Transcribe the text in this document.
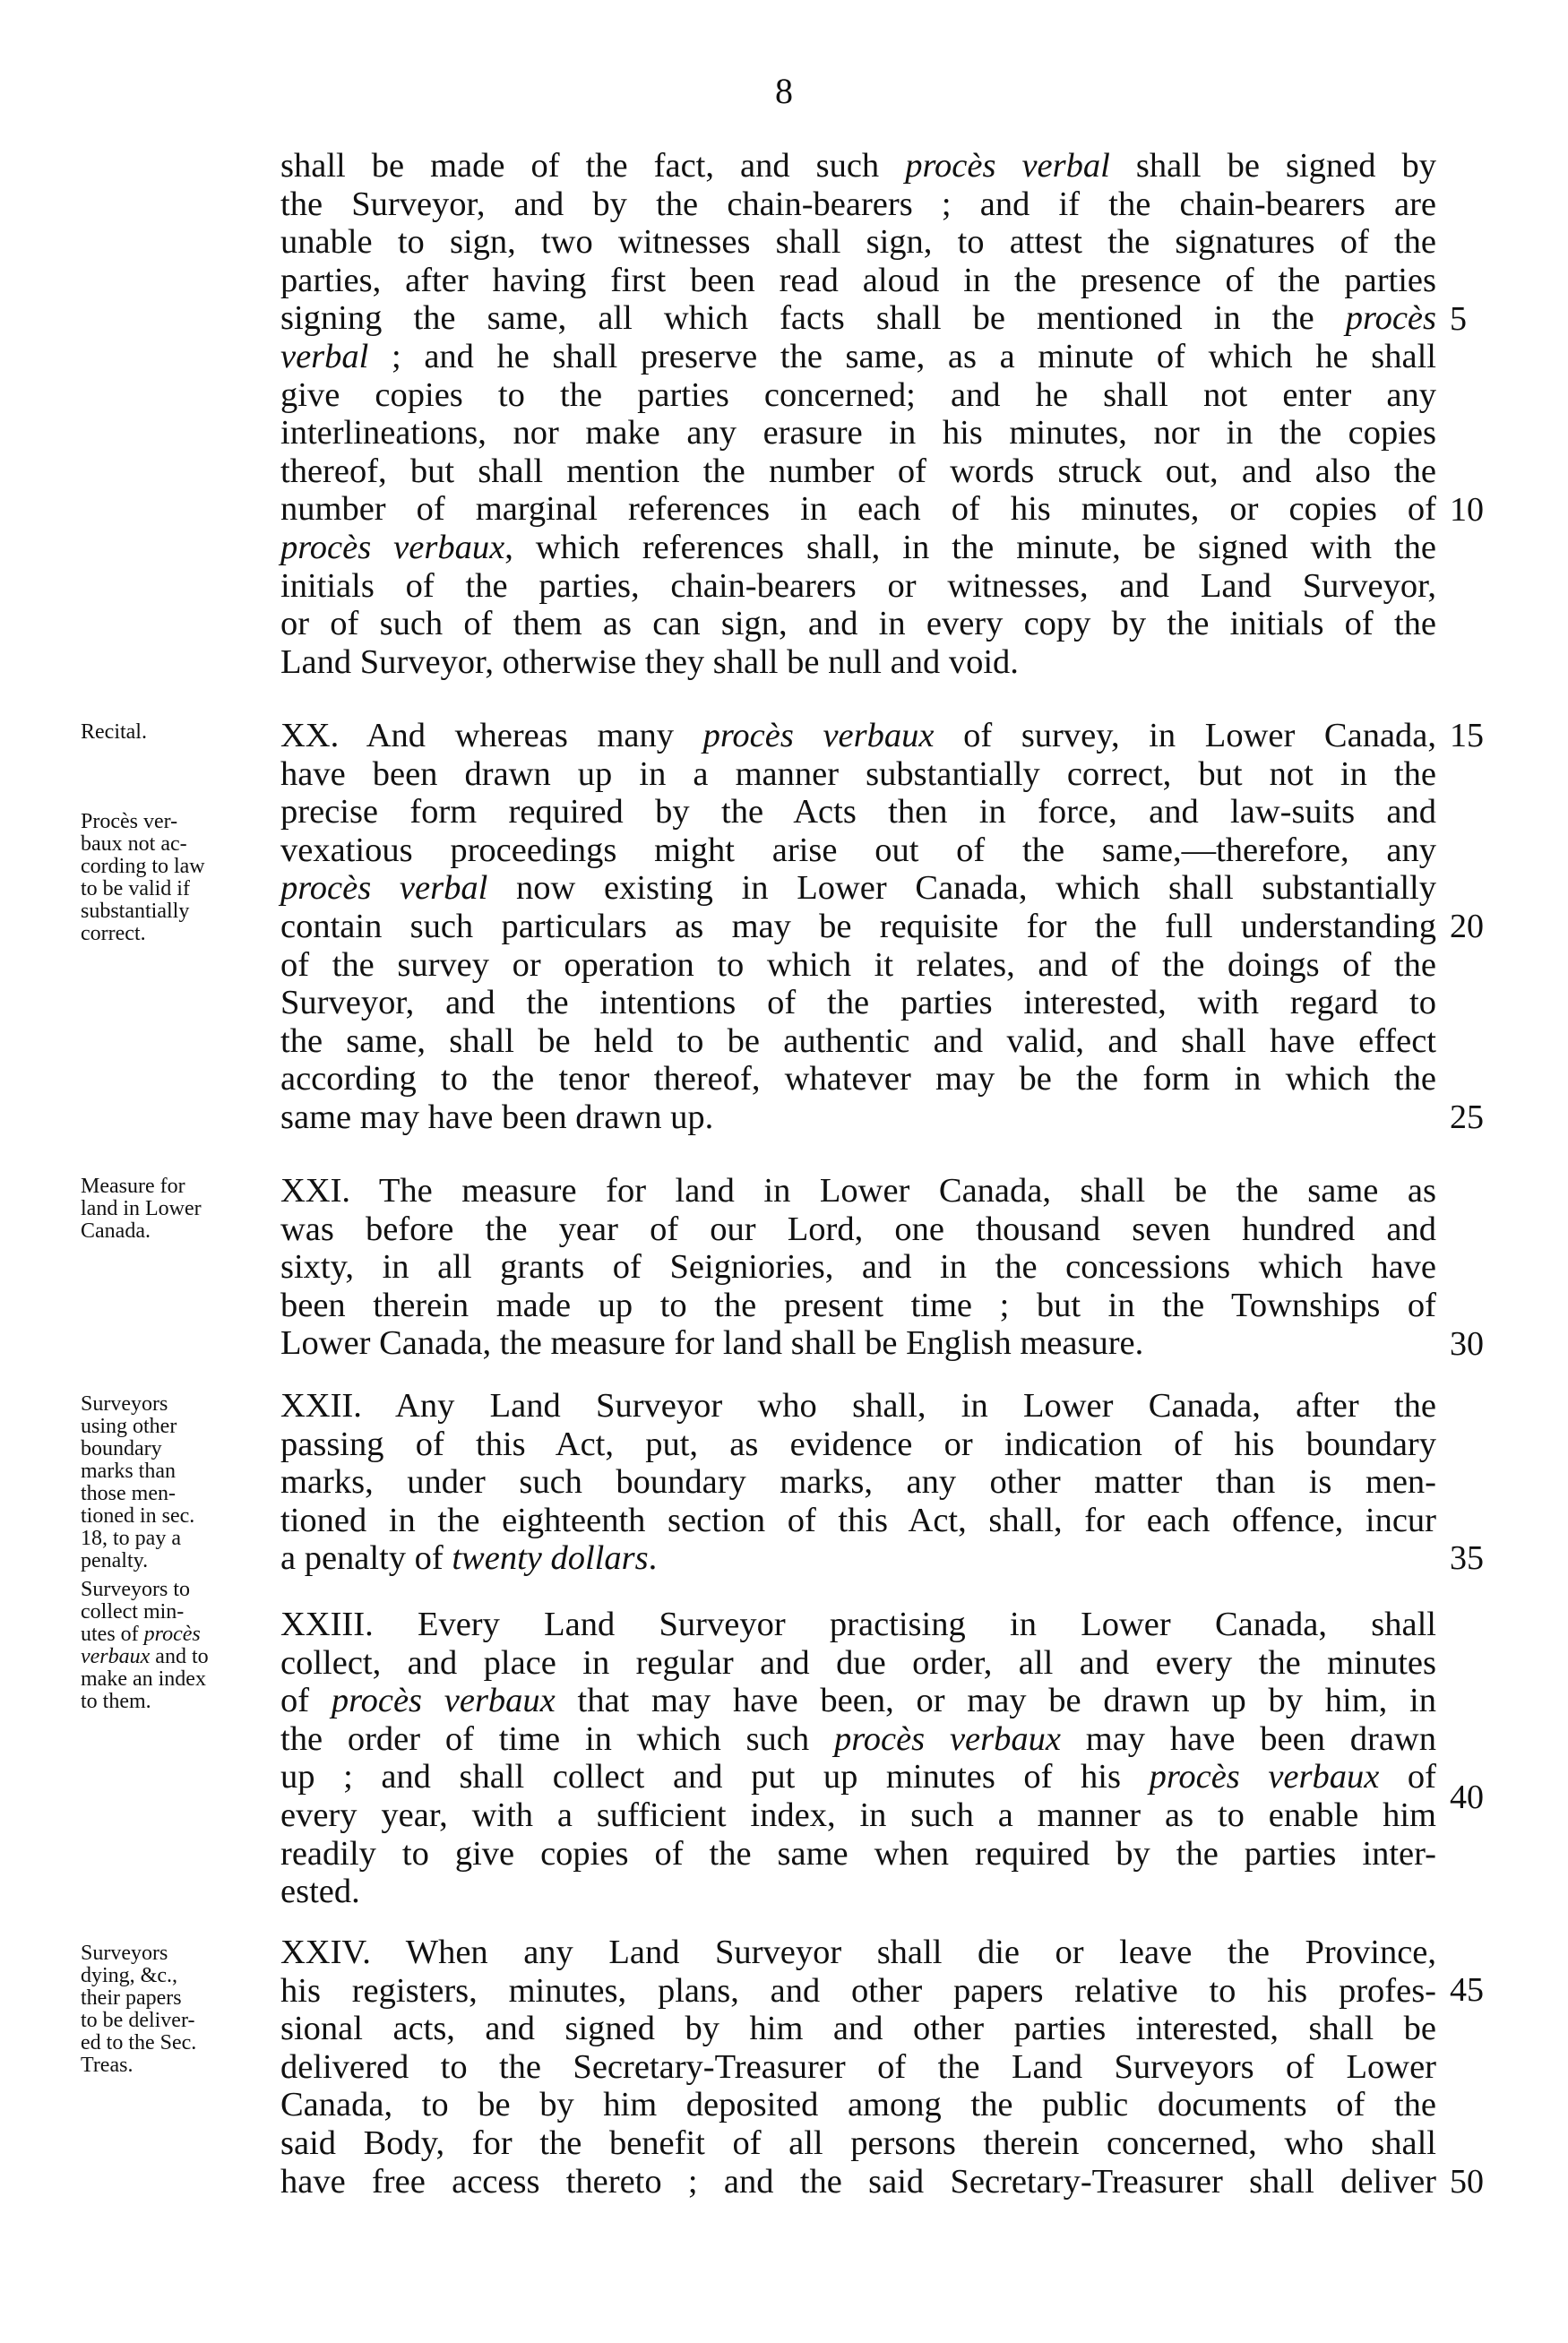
8
shall be made of the fact, and such procès verbal shall be signed by
the Surveyor, and by the chain-bearers ; and if the chain-bearers are
unable to sign, two witnesses shall sign, to attest the signatures of the
parties, after having first been read aloud in the presence of the parties
signing the same, all which facts shall be mentioned in the procès
verbal ; and he shall preserve the same, as a minute of which he shall
give copies to the parties concerned; and he shall not enter any
interlineations, nor make any erasure in his minutes, nor in the copies
thereof, but shall mention the number of words struck out, and also the
number of marginal references in each of his minutes, or copies of
procès verbaux, which references shall, in the minute, be signed with the
initials of the parties, chain-bearers or witnesses, and Land Surveyor,
or of such of them as can sign, and in every copy by the initials of the
Land Surveyor, otherwise they shall be null and void.
XX. And whereas many procès verbaux of survey, in Lower Canada,
have been drawn up in a manner substantially correct, but not in the
precise form required by the Acts then in force, and law-suits and
vexatious proceedings might arise out of the same,—therefore, any
procès verbal now existing in Lower Canada, which shall substantially
contain such particulars as may be requisite for the full understanding
of the survey or operation to which it relates, and of the doings of the
Surveyor, and the intentions of the parties interested, with regard to
the same, shall be held to be authentic and valid, and shall have effect
according to the tenor thereof, whatever may be the form in which the
same may have been drawn up.
XXI. The measure for land in Lower Canada, shall be the same as
was before the year of our Lord, one thousand seven hundred and
sixty, in all grants of Seigniories, and in the concessions which have
been therein made up to the present time ; but in the Townships of
Lower Canada, the measure for land shall be English measure.
XXII. Any Land Surveyor who shall, in Lower Canada, after the
passing of this Act, put, as evidence or indication of his boundary
marks, under such boundary marks, any other matter than is men-
tioned in the eighteenth section of this Act, shall, for each offence, incur
a penalty of twenty dollars.
XXIII. Every Land Surveyor practising in Lower Canada, shall
collect, and place in regular and due order, all and every the minutes
of procès verbaux that may have been, or may be drawn up by him, in
the order of time in which such procès verbaux may have been drawn
up ; and shall collect and put up minutes of his procès verbaux of
every year, with a sufficient index, in such a manner as to enable him
readily to give copies of the same when required by the parties inter-
ested.
XXIV. When any Land Surveyor shall die or leave the Province,
his registers, minutes, plans, and other papers relative to his profes-
sional acts, and signed by him and other parties interested, shall be
delivered to the Secretary-Treasurer of the Land Surveyors of Lower
Canada, to be by him deposited among the public documents of the
said Body, for the benefit of all persons therein concerned, who shall
have free access thereto ; and the said Secretary-Treasurer shall deliver
5
10
15
20
25
30
35
40
45
50
Recital.
Procès ver-
baux not ac-
cording to law
to be valid if
substantially
correct.
Measure for
land in Lower
Canada.
Surveyors
using other
boundary
marks than
those men-
tioned in sec.
18, to pay a
penalty.
Surveyors to
collect min-
utes of procès
verbaux and to
make an index
to them.
Surveyors
dying, &c.,
their papers
to be deliver-
ed to the Sec.
Treas.
